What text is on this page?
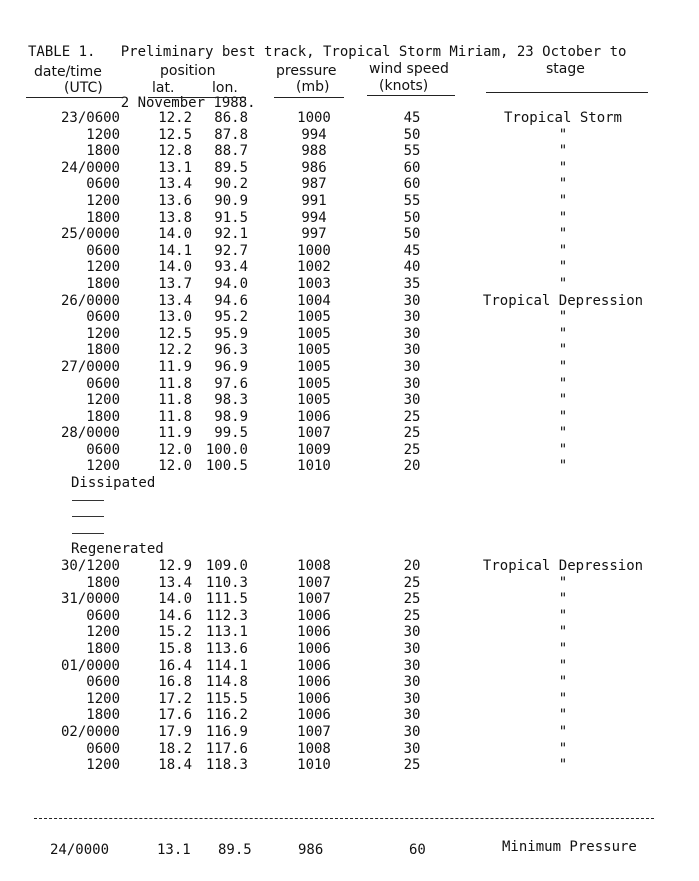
TABLE 1.   Preliminary best track, Tropical Storm Miriam, 23 October to

2 November 1988.

date/time
(UTC)
position
lat.	lon.
pressure
(mb)
wind speed
(knots)
stage
23/0600	12.2	86.8	1000	45	Tropical Storm
1200	12.5	87.8	994	50	"
1800	12.8	88.7	988	55	"
24/0000	13.1	89.5	986	60	"
0600	13.4	90.2	987	60	"
1200	13.6	90.9	991	55	"
1800	13.8	91.5	994	50	"
25/0000	14.0	92.1	997	50	"
0600	14.1	92.7	1000	45	"
1200	14.0	93.4	1002	40	"
1800	13.7	94.0	1003	35	"
26/0000	13.4	94.6	1004	30	Tropical Depression
0600	13.0	95.2	1005	30	"
1200	12.5	95.9	1005	30	"
1800	12.2	96.3	1005	30	"
27/0000	11.9	96.9	1005	30	"
0600	11.8	97.6	1005	30	"
1200	11.8	98.3	1005	30	"
1800	11.8	98.9	1006	25	"
28/0000	11.9	99.5	1007	25	"
0600	12.0 100.0	1009	25	"
1200	12.0 100.5	1010	20	"
Dissipated
Regenerated
30/1200	12.9 109.0	1008	20	Tropical Depression
1800	13.4 110.3	1007	25	"
31/0000	14.0 111.5	1007	25	"
0600	14.6 112.3	1006	25	"
1200	15.2 113.1	1006	30	"
1800	15.8 113.6	1006	30	"
01/0000	16.4 114.1	1006	30	"
0600	16.8 114.8	1006	30	"
1200	17.2 115.5	1006	30	"
1800	17.6 116.2	1006	30	"
02/0000	17.9 116.9	1007	30	"
0600	18.2 117.6	1008	30	"
1200	18.4 118.3	1010	25	"
24/0000	13.1 89.5	986	60	Minimum Pressure
